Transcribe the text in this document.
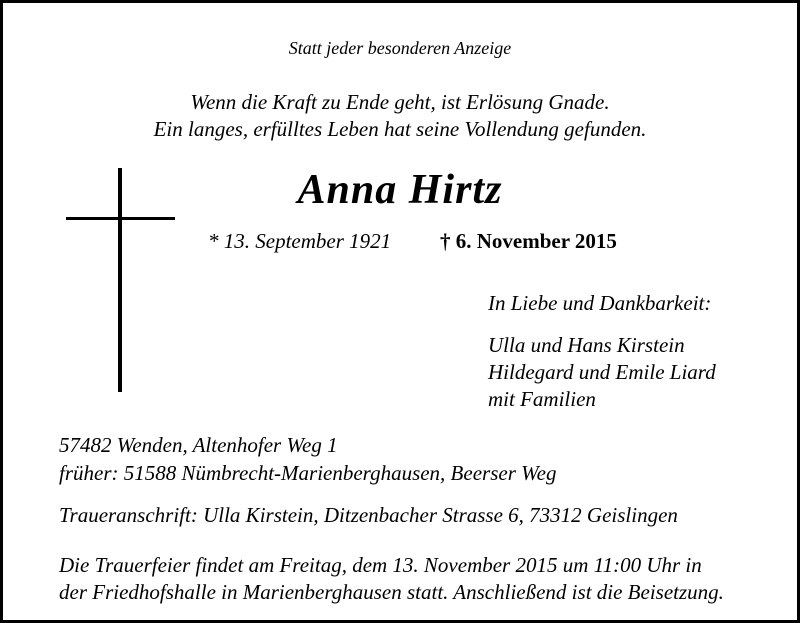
Statt jeder besonderen Anzeige
Wenn die Kraft zu Ende geht, ist Erlösung Gnade.
Ein langes, erfülltes Leben hat seine Vollendung gefunden.
Anna Hirtz
* 13. September 1921 † 6. November 2015
In Liebe und Dankbarkeit:
Ulla und Hans Kirstein
Hildegard und Emile Liard
mit Familien
57482 Wenden, Altenhofer Weg 1
früher: 51588 Nümbrecht-Marienberghausen, Beerser Weg
Traueranschrift: Ulla Kirstein, Ditzenbacher Strasse 6, 73312 Geislingen
Die Trauerfeier findet am Freitag, dem 13. November 2015 um 11:00 Uhr in
der Friedhofshalle in Marienberghausen statt. Anschließend ist die Beisetzung.
